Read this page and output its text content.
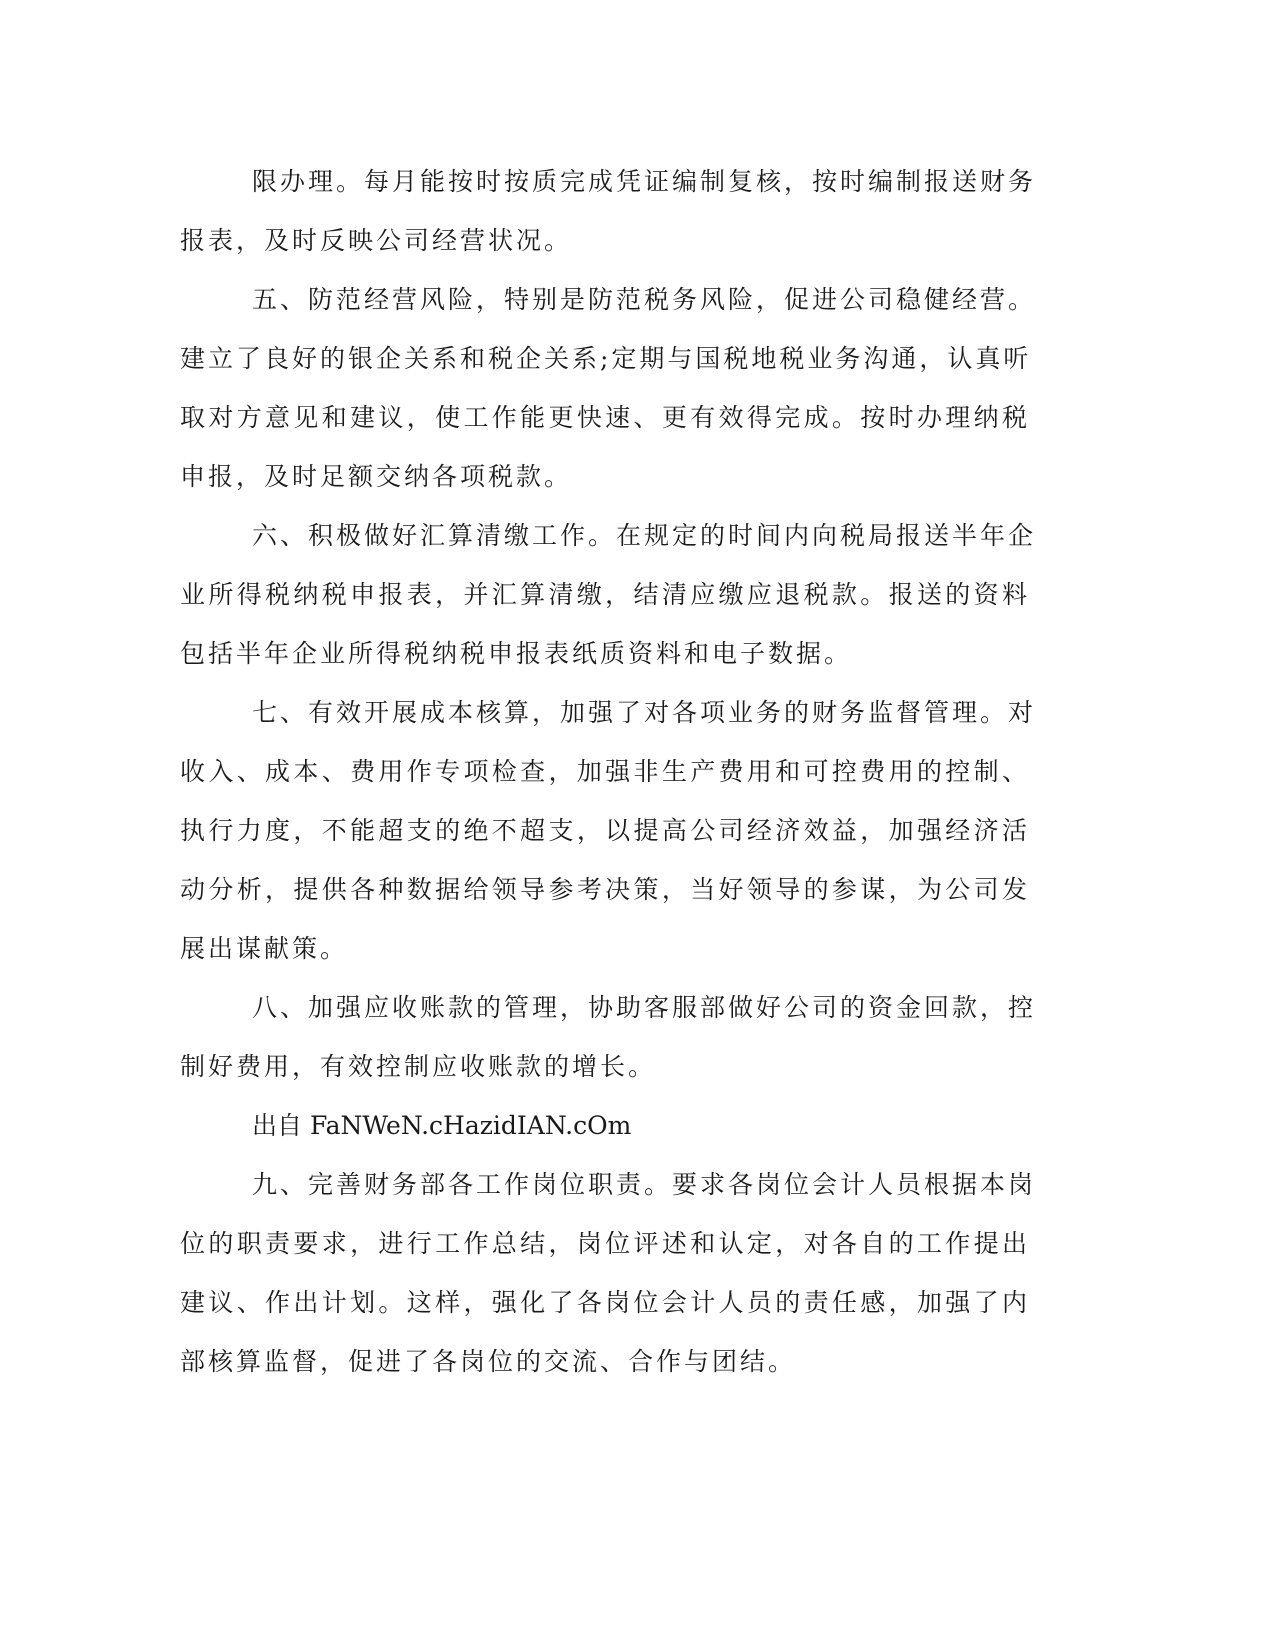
限办理。每月能按时按质完成凭证编制复核，按时编制报送财务
报表，及时反映公司经营状况。
五、防范经营风险，特别是防范税务风险，促进公司稳健经营。
建立了良好的银企关系和税企关系;定期与国税地税业务沟通，认真听
取对方意见和建议，使工作能更快速、更有效得完成。按时办理纳税
申报，及时足额交纳各项税款。
六、积极做好汇算清缴工作。在规定的时间内向税局报送半年企
业所得税纳税申报表，并汇算清缴，结清应缴应退税款。报送的资料
包括半年企业所得税纳税申报表纸质资料和电子数据。
七、有效开展成本核算，加强了对各项业务的财务监督管理。对
收入、成本、费用作专项检查，加强非生产费用和可控费用的控制、
执行力度，不能超支的绝不超支，以提高公司经济效益，加强经济活
动分析，提供各种数据给领导参考决策，当好领导的参谋，为公司发
展出谋献策。
八、加强应收账款的管理，协助客服部做好公司的资金回款，控
制好费用，有效控制应收账款的增长。
出自 FaNWeN.cHazidIAN.cOm
九、完善财务部各工作岗位职责。要求各岗位会计人员根据本岗
位的职责要求，进行工作总结，岗位评述和认定，对各自的工作提出
建议、作出计划。这样，强化了各岗位会计人员的责任感，加强了内
部核算监督，促进了各岗位的交流、合作与团结。
